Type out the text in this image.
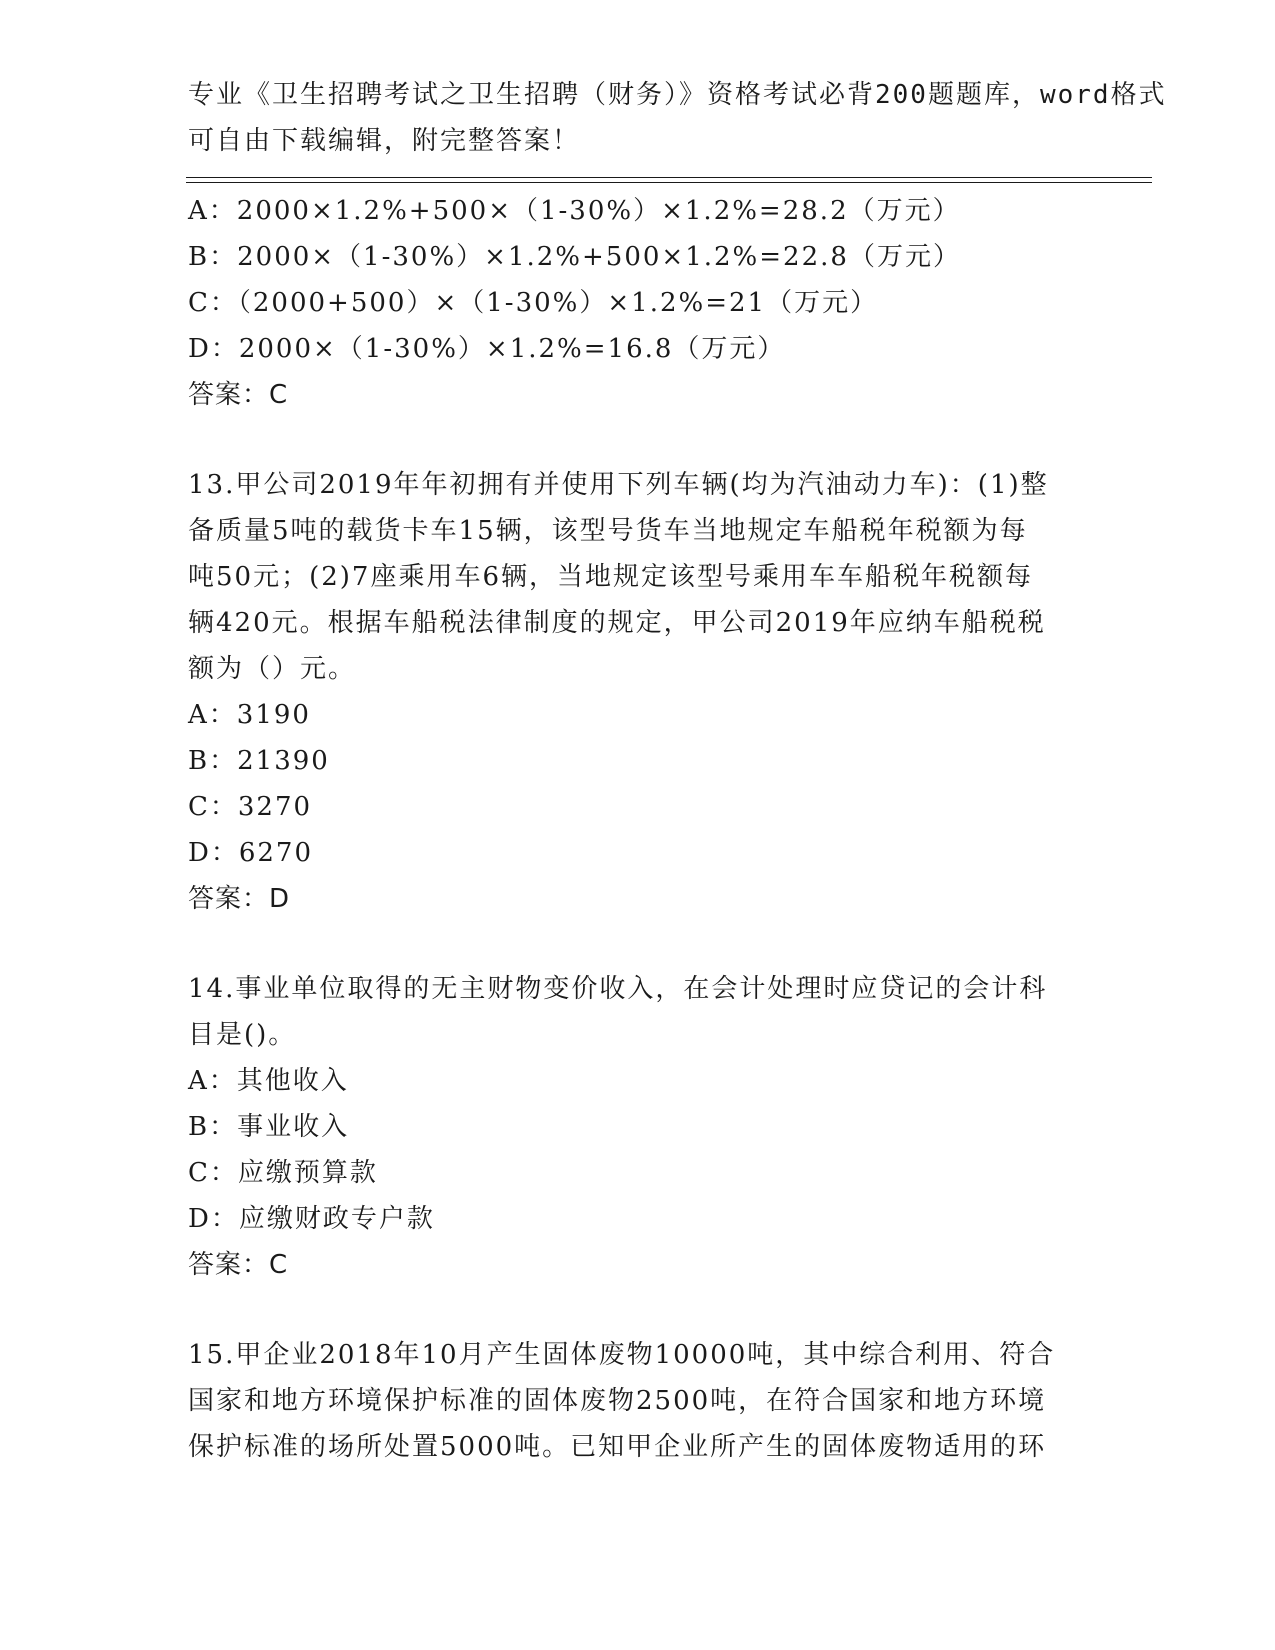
专业《卫生招聘考试之卫生招聘（财务）》资格考试必背200题题库，word格式
可自由下载编辑，附完整答案！
A：2000×1.2%+500×（1-30%）×1.2%=28.2（万元）
B：2000×（1-30%）×1.2%+500×1.2%=22.8（万元）
C：（2000+500）×（1-30%）×1.2%=21（万元）
D：2000×（1-30%）×1.2%=16.8（万元）
答案：C
13.甲公司2019年年初拥有并使用下列车辆(均为汽油动力车)：(1)整
备质量5吨的载货卡车15辆，该型号货车当地规定车船税年税额为每
吨50元；(2)7座乘用车6辆，当地规定该型号乘用车车船税年税额每
辆420元。根据车船税法律制度的规定，甲公司2019年应纳车船税税
额为（）元。
A：3190
B：21390
C：3270
D：6270
答案：D
14.事业单位取得的无主财物变价收入，在会计处理时应贷记的会计科
目是()。
A：其他收入
B：事业收入
C：应缴预算款
D：应缴财政专户款
答案：C
15.甲企业2018年10月产生固体废物10000吨，其中综合利用、符合
国家和地方环境保护标准的固体废物2500吨，在符合国家和地方环境
保护标准的场所处置5000吨。已知甲企业所产生的固体废物适用的环
